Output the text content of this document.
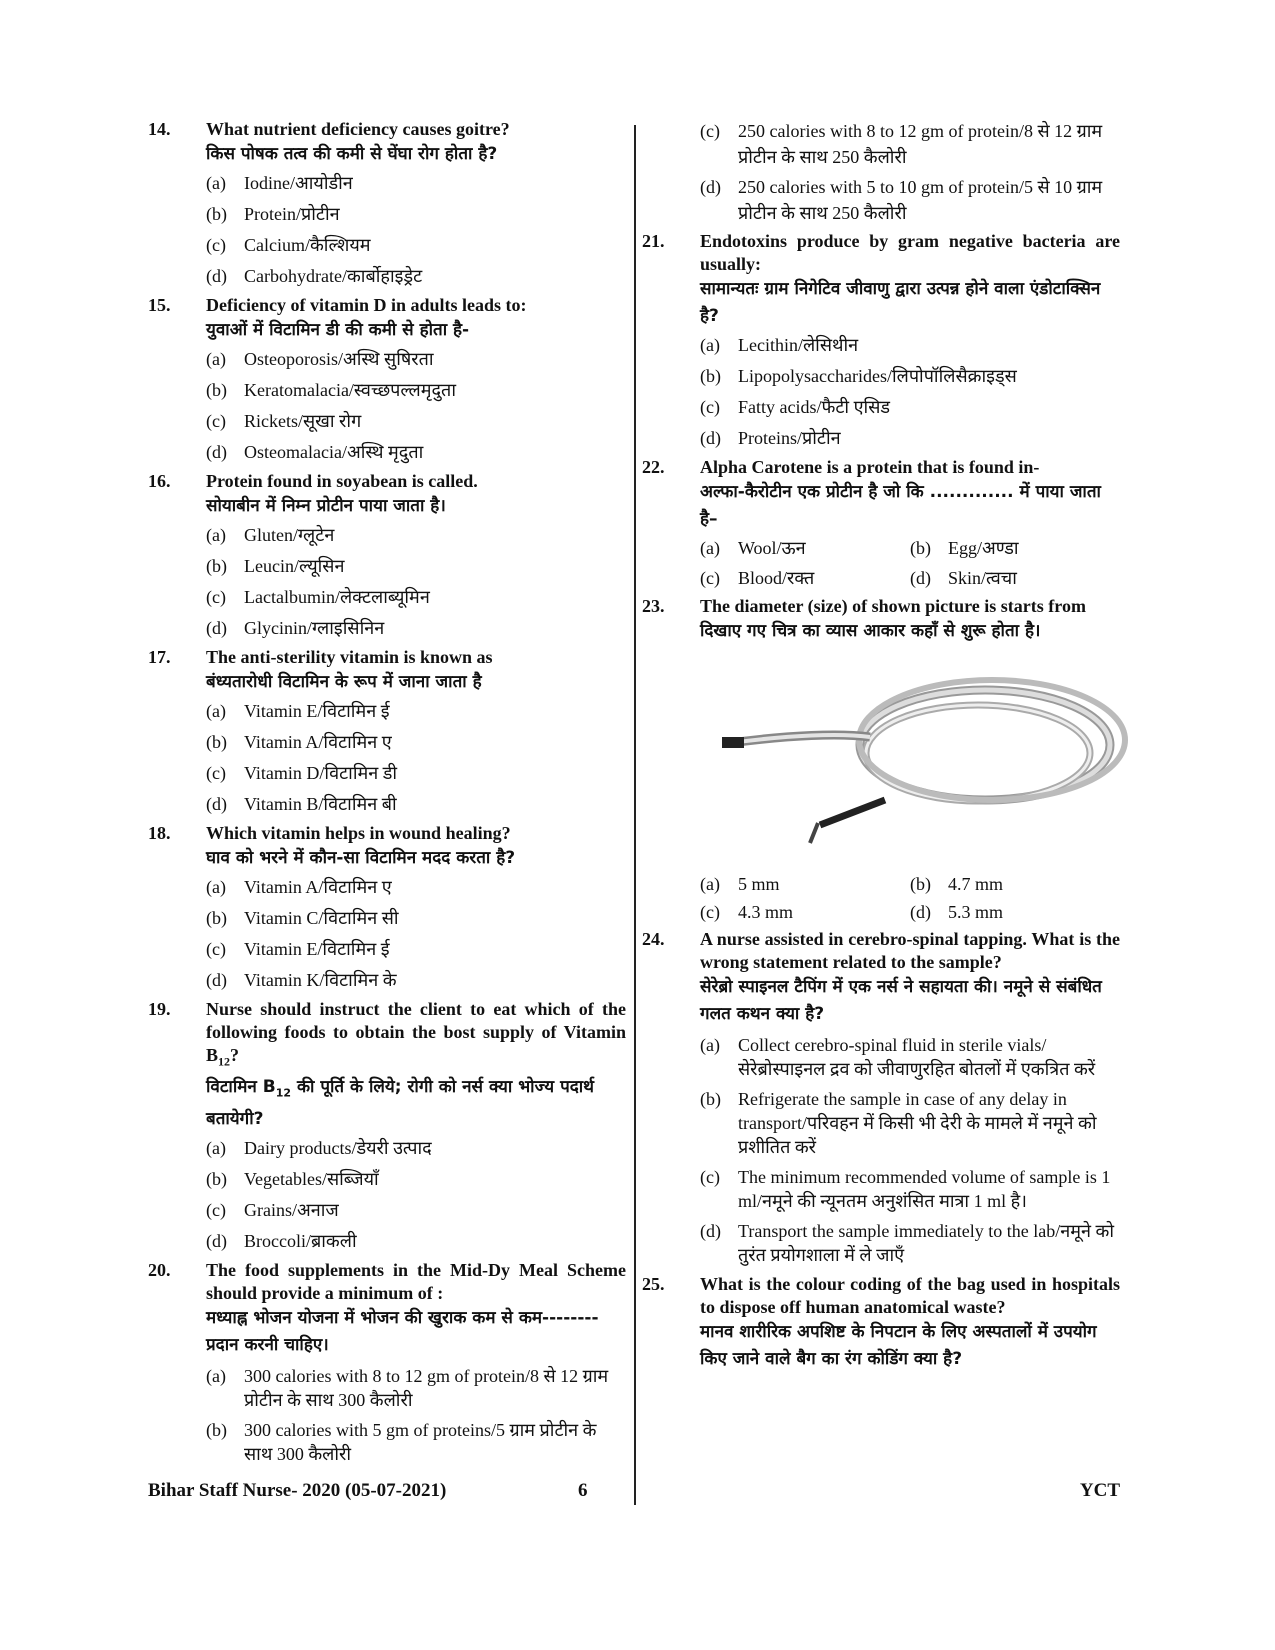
14. What nutrient deficiency causes goitre?
किस पोषक तत्व की कमी से घेंघा रोग होता है?
(a) Iodine/आयोडीन
(b) Protein/प्रोटीन
(c) Calcium/कैल्शियम
(d) Carbohydrate/कार्बोहाइड्रेट
15. Deficiency of vitamin D in adults leads to:
युवाओं में विटामिन डी की कमी से होता है-
(a) Osteoporosis/अस्थि सुषिरता
(b) Keratomalacia/स्वच्छपल्लमृदुता
(c) Rickets/सूखा रोग
(d) Osteomalacia/अस्थि मृदुता
16. Protein found in soyabean is called.
सोयाबीन में निम्न प्रोटीन पाया जाता है।
(a) Gluten/ग्लूटेन
(b) Leucin/ल्यूसिन
(c) Lactalbumin/लेक्टलाब्यूमिन
(d) Glycinin/ग्लाइसिनिन
17. The anti-sterility vitamin is known as
बंध्यतारोधी विटामिन के रूप में जाना जाता है
(a) Vitamin E/विटामिन ई
(b) Vitamin A/विटामिन ए
(c) Vitamin D/विटामिन डी
(d) Vitamin B/विटामिन बी
18. Which vitamin helps in wound healing?
घाव को भरने में कौन-सा विटामिन मदद करता है?
(a) Vitamin A/विटामिन ए
(b) Vitamin C/विटामिन सी
(c) Vitamin E/विटामिन ई
(d) Vitamin K/विटामिन के
19. Nurse should instruct the client to eat which of the following foods to obtain the bost supply of Vitamin $B_{12}$?
विटामिन $B_{12}$ की पूर्ति के लिये; रोगी को नर्स क्या भोज्य पदार्थ बतायेगी?
(a) Dairy products/डेयरी उत्पाद
(b) Vegetables/सब्जियाँ
(c) Grains/अनाज
(d) Broccoli/ब्राकली
20. The food supplements in the Mid-Dy Meal Scheme should provide a minimum of :
मध्याह्न भोजन योजना में भोजन की खुराक कम से कम--------प्रदान करनी चाहिए।
(a) 300 calories with 8 to 12 gm of protein/8 से 12 ग्राम प्रोटीन के साथ 300 कैलोरी
(b) 300 calories with 5 gm of proteins/5 ग्राम प्रोटीन के साथ 300 कैलोरी
(c) 250 calories with 8 to 12 gm of protein/8 से 12 ग्राम प्रोटीन के साथ 250 कैलोरी
(d) 250 calories with 5 to 10 gm of protein/5 से 10 ग्राम प्रोटीन के साथ 250 कैलोरी
21. Endotoxins produce by gram negative bacteria are usually:
सामान्यतः ग्राम निगेटिव जीवाणु द्वारा उत्पन्न होने वाला एंडोटाक्सिन है?
(a) Lecithin/लेसिथीन
(b) Lipopolysaccharides/लिपोपॉलिसैक्राइड्स
(c) Fatty acids/फैटी एसिड
(d) Proteins/प्रोटीन
22. Alpha Carotene is a protein that is found in-
अल्फा-कैरोटीन एक प्रोटीन है जो कि ............. में पाया जाता है–
(a) Wool/ऊन	(b) Egg/अण्डा
(c) Blood/रक्त	(d) Skin/त्वचा
23. The diameter (size) of shown picture is starts from
दिखाए गए चित्र का व्यास आकार कहाँ से शुरू होता है।
(a) 5 mm	(b) 4.7 mm
(c) 4.3 mm	(d) 5.3 mm
24. A nurse assisted in cerebro-spinal tapping. What is the wrong statement related to the sample?
सेरेब्रो स्पाइनल टैपिंग में एक नर्स ने सहायता की। नमूने से संबंधित गलत कथन क्या है?
(a) Collect cerebro-spinal fluid in sterile vials/सेरेब्रोस्पाइनल द्रव को जीवाणुरहित बोतलों में एकत्रित करें
(b) Refrigerate the sample in case of any delay in transport/परिवहन में किसी भी देरी के मामले में नमूने को प्रशीतित करें
(c) The minimum recommended volume of sample is 1 ml/नमूने की न्यूनतम अनुशंसित मात्रा 1 ml है।
(d) Transport the sample immediately to the lab/नमूने को तुरंत प्रयोगशाला में ले जाएँ
25. What is the colour coding of the bag used in hospitals to dispose off human anatomical waste?
मानव शारीरिक अपशिष्ट के निपटान के लिए अस्पतालों में उपयोग किए जाने वाले बैग का रंग कोडिंग क्या है?
Bihar Staff Nurse- 2020 (05-07-2021)	6	YCT
